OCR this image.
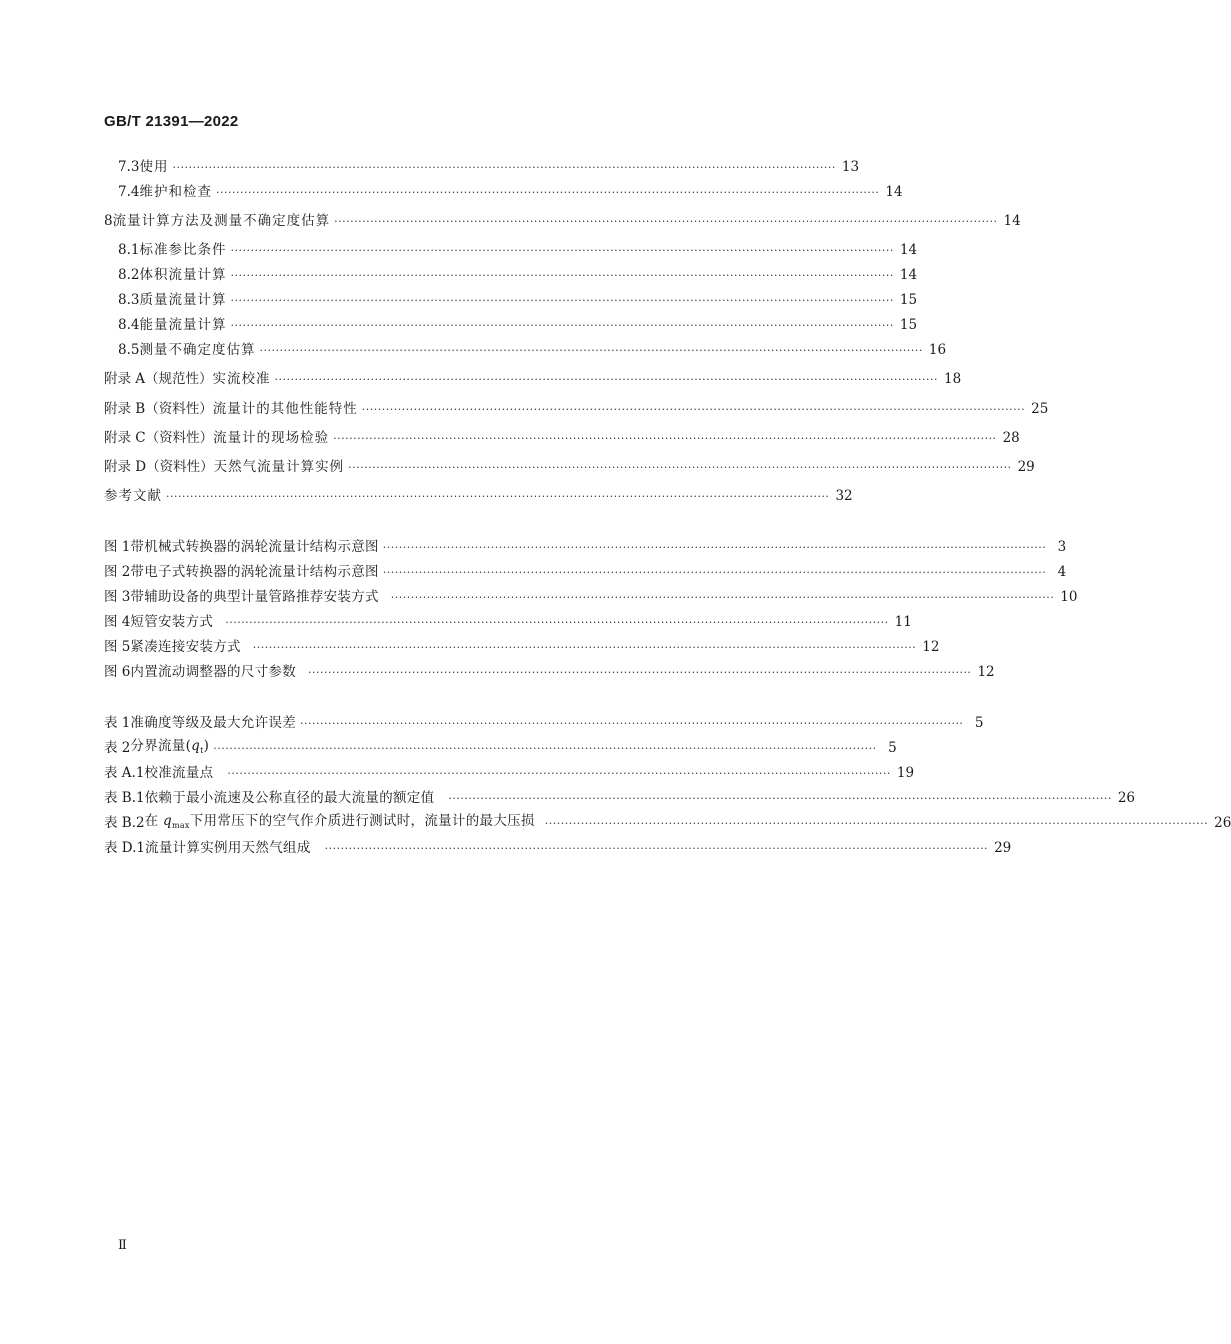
GB/T 21391—2022
7.3 使用 ······································································································································································ 13
7.4 维护和检查 ······································································································································································ 14
8 流量计算方法及测量不确定度估算 ······································································································································································ 14
8.1 标准参比条件 ······································································································································································ 14
8.2 体积流量计算 ······································································································································································ 14
8.3 质量流量计算 ······································································································································································ 15
8.4 能量流量计算 ······································································································································································ 15
8.5 测量不确定度估算 ······································································································································································ 16
附录 A（规范性） 实流校准 ······································································································································································ 18
附录 B（资料性） 流量计的其他性能特性 ······································································································································································ 25
附录 C（资料性） 流量计的现场检验 ······································································································································································ 28
附录 D（资料性） 天然气流量计算实例 ······································································································································································ 29
参考文献 ······································································································································································ 32
图 1 带机械式转换器的涡轮流量计结构示意图 ······································································································································································ 3
图 2 带电子式转换器的涡轮流量计结构示意图 ······································································································································································ 4
图 3 带辅助设备的典型计量管路推荐安装方式 ······································································································································································ 10
图 4 短管安装方式 ······································································································································································ 11
图 5 紧凑连接安装方式 ······································································································································································ 12
图 6 内置流动调整器的尺寸参数 ······································································································································································ 12
表 1 准确度等级及最大允许误差 ······································································································································································ 5
表 2 分界流量$(q_t)$ ······································································································································································ 5
表 A.1 校准流量点 ······································································································································································ 19
表 B.1 依赖于最小流速及公称直径的最大流量的额定值 ······································································································································································ 26
表 B.2 在 $q_{max}$下用常压下的空气作介质进行测试时，流量计的最大压损 ······································································································································································ 26
表 D.1 流量计算实例用天然气组成 ······································································································································································ 29
Ⅱ
